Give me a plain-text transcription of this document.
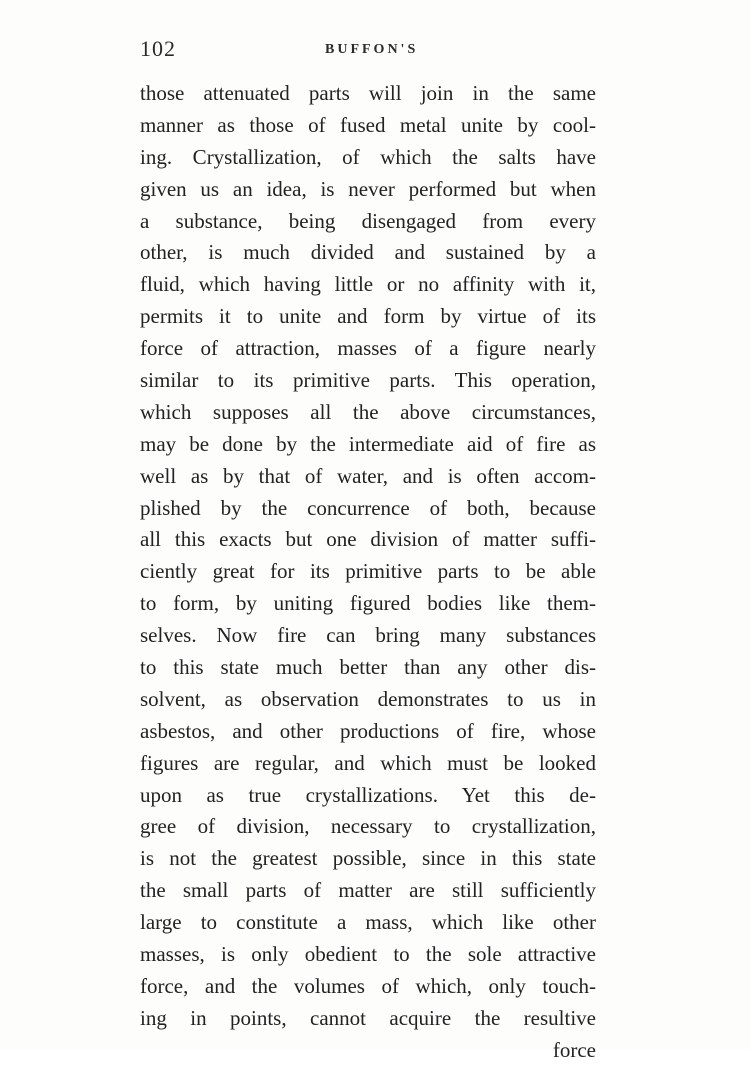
102	BUFFON'S
those attenuated parts will join in the same
manner as those of fused metal unite by cool-
ing. Crystallization, of which the salts have
given us an idea, is never performed but when
a substance, being disengaged from every
other, is much divided and sustained by a
fluid, which having little or no affinity with it,
permits it to unite and form by virtue of its
force of attraction, masses of a figure nearly
similar to its primitive parts. This operation,
which supposes all the above circumstances,
may be done by the intermediate aid of fire as
well as by that of water, and is often accom-
plished by the concurrence of both, because
all this exacts but one division of matter suffi-
ciently great for its primitive parts to be able
to form, by uniting figured bodies like them-
selves. Now fire can bring many substances
to this state much better than any other dis-
solvent, as observation demonstrates to us in
asbestos, and other productions of fire, whose
figures are regular, and which must be looked
upon as true crystallizations. Yet this de-
gree of division, necessary to crystallization,
is not the greatest possible, since in this state
the small parts of matter are still sufficiently
large to constitute a mass, which like other
masses, is only obedient to the sole attractive
force, and the volumes of which, only touch-
ing in points, cannot acquire the resultive
force
